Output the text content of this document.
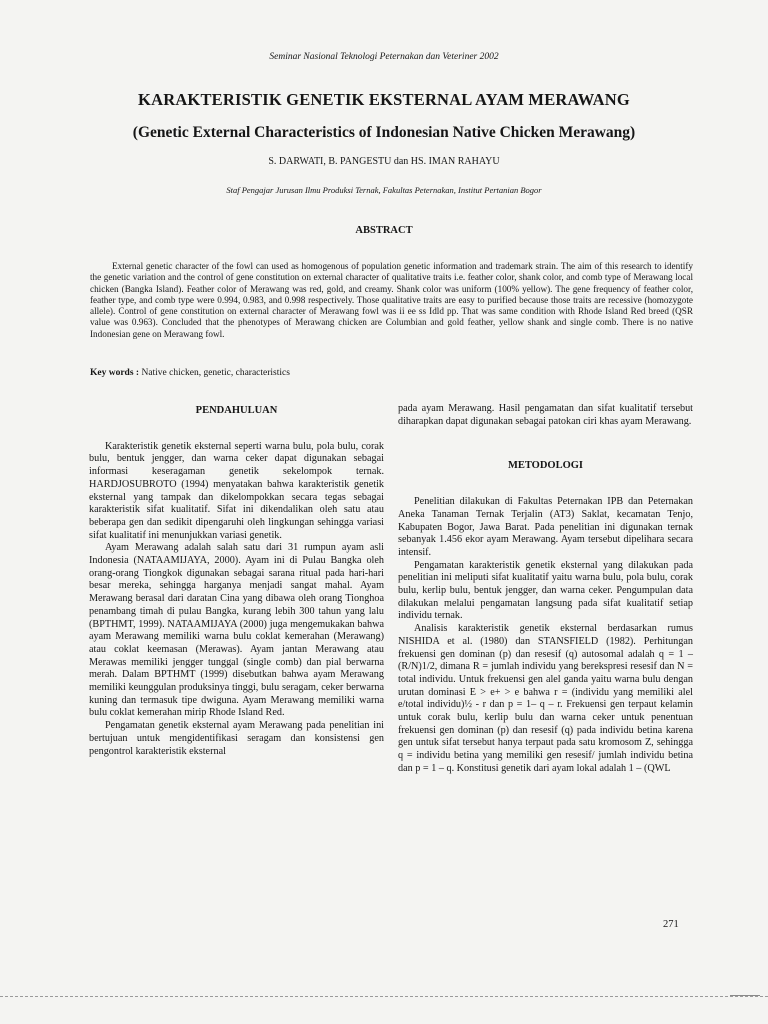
Seminar Nasional Teknologi Peternakan dan Veteriner 2002
KARAKTERISTIK GENETIK EKSTERNAL AYAM MERAWANG
(Genetic External Characteristics of Indonesian Native Chicken Merawang)
S. DARWATI, B. PANGESTU dan HS. IMAN RAHAYU
Staf Pengajar Jurusan Ilmu Produksi Ternak, Fakultas Peternakan, Institut Pertanian Bogor
ABSTRACT

External genetic character of the fowl can used as homogenous of population genetic information and trademark strain. The aim of this research to identify the genetic variation and the control of gene constitution on external character of qualitative traits i.e. feather color, shank color, and comb type of Merawang local chicken (Bangka Island). Feather color of Merawang was red, gold, and creamy. Shank color was uniform (100% yellow). The gene frequency of feather color, feather type, and comb type were 0.994, 0.983, and 0.998 respectively. Those qualitative traits are easy to purified because those traits are recessive (homozygote allele). Control of gene constitution on external character of Merawang fowl was ii ee ss Idld pp. That was same condition with Rhode Island Red breed (QSR value was 0.963). Concluded that the phenotypes of Merawang chicken are Columbian and gold feather, yellow shank and single comb. There is no native Indonesian gene on Merawang fowl.

Key words : Native chicken, genetic, characteristics
PENDAHULUAN

Karakteristik genetik eksternal seperti warna bulu, pola bulu, corak bulu, bentuk jengger, dan warna ceker dapat digunakan sebagai informasi keseragaman genetik sekelompok ternak. HARDJOSUBROTO (1994) menyatakan bahwa karakteristik genetik eksternal yang tampak dan dikelompokkan secara tegas sebagai karakteristik sifat kualitatif. Sifat ini dikendalikan oleh satu atau beberapa gen dan sedikit dipengaruhi oleh lingkungan sehingga variasi sifat kualitatif ini menunjukkan variasi genetik.

Ayam Merawang adalah salah satu dari 31 rumpun ayam asli Indonesia (NATAAMIJAYA, 2000). Ayam ini di Pulau Bangka oleh orang-orang Tiongkok digunakan sebagai sarana ritual pada hari-hari besar mereka, sehingga harganya menjadi sangat mahal. Ayam Merawang berasal dari daratan Cina yang dibawa oleh orang Tionghoa penambang timah di pulau Bangka, kurang lebih 300 tahun yang lalu (BPTHMT, 1999). NATAAMIJAYA (2000) juga mengemukakan bahwa ayam Merawang memiliki warna bulu coklat kemerahan (Merawang) atau coklat keemasan (Merawas). Ayam jantan Merawang atau Merawas memiliki jengger tunggal (single comb) dan pial berwarna merah. Dalam BPTHMT (1999) disebutkan bahwa ayam Merawang memiliki keunggulan produksinya tinggi, bulu seragam, ceker berwarna kuning dan termasuk tipe dwiguna. Ayam Merawang memiliki warna bulu coklat kemerahan mirip Rhode Island Red.

Pengamatan genetik eksternal ayam Merawang pada penelitian ini bertujuan untuk mengidentifikasi seragam dan konsistensi gen pengontrol karakteristik eksternal

pada ayam Merawang. Hasil pengamatan dan sifat kualitatif tersebut diharapkan dapat digunakan sebagai patokan ciri khas ayam Merawang.

METODOLOGI

Penelitian dilakukan di Fakultas Peternakan IPB dan Peternakan Aneka Tanaman Ternak Terjalin (AT3) Saklat, kecamatan Tenjo, Kabupaten Bogor, Jawa Barat. Pada penelitian ini digunakan ternak sebanyak 1.456 ekor ayam Merawang. Ayam tersebut dipelihara secara intensif.

Pengamatan karakteristik genetik eksternal yang dilakukan pada penelitian ini meliputi sifat kualitatif yaitu warna bulu, pola bulu, corak bulu, kerlip bulu, bentuk jengger, dan warna ceker. Pengumpulan data dilakukan melalui pengamatan langsung pada sifat kualitatif setiap individu ternak.

Analisis karakteristik genetik eksternal berdasarkan rumus NISHIDA et al. (1980) dan STANSFIELD (1982). Perhitungan frekuensi gen dominan (p) dan resesif (q) autosomal adalah q = 1 – (R/N)1/2, dimana R = jumlah individu yang berekspresi resesif dan N = total individu. Untuk frekuensi gen alel ganda yaitu warna bulu dengan urutan dominasi E > e+ > e bahwa r = (individu yang memiliki alel e/total individu)½ - r dan p = 1– q – r. Frekuensi gen terpaut kelamin untuk corak bulu, kerlip bulu dan warna ceker untuk penentuan frekuensi gen dominan (p) dan resesif (q) pada individu betina karena gen untuk sifat tersebut hanya terpaut pada satu kromosom Z, sehingga q = individu betina yang memiliki gen resesif/ jumlah individu betina dan p = 1 – q. Konstitusi genetik dari ayam lokal adalah 1 – (QWL

271
